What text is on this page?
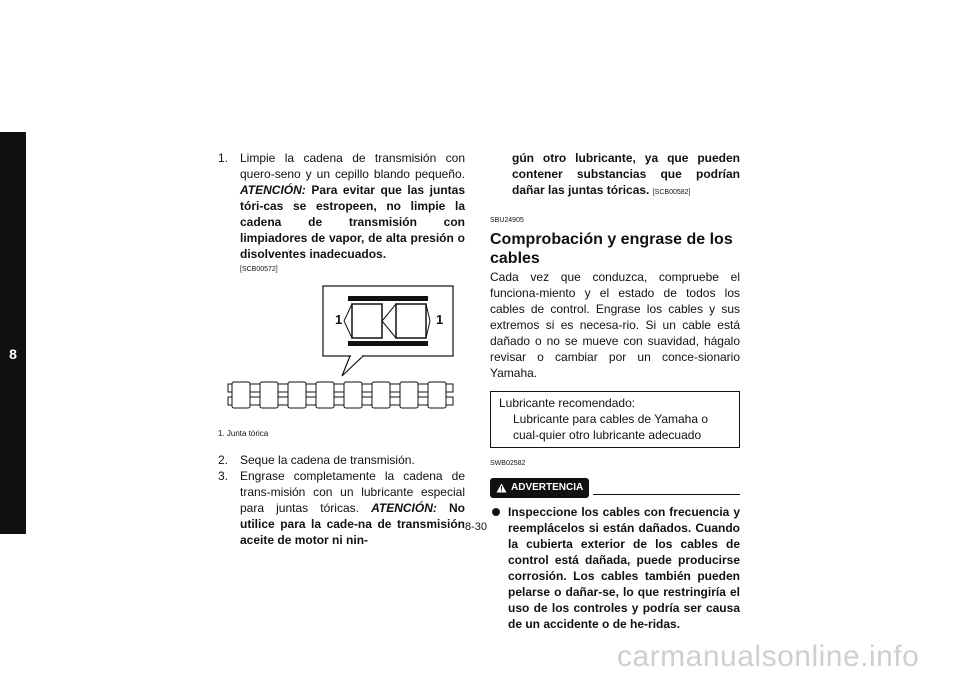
8
1. Limpie la cadena de transmisión con quero-seno y un cepillo blando pequeño. ATENCIÓN: Para evitar que las juntas tóri-cas se estropeen, no limpie la cadena de transmisión con limpiadores de vapor, de alta presión o disolventes inadecuados.
[SCB00572]
1	1
1. Junta tórica
2. Seque la cadena de transmisión.
3. Engrase completamente la cadena de trans-misión con un lubricante especial para juntas tóricas. ATENCIÓN: No utilice para la cade-na de transmisión aceite de motor ni nin-
gún otro lubricante, ya que pueden contener substancias que podrían dañar las juntas tóricas. [SCB00582]
SBU24905
Comprobación y engrase de los cables
Cada vez que conduzca, compruebe el funciona-miento y el estado de todos los cables de control. Engrase los cables y sus extremos si es necesa-rio. Si un cable está dañado o no se mueve con suavidad, hágalo revisar o cambiar por un conce-sionario Yamaha.
Lubricante recomendado:
Lubricante para cables de Yamaha o cual-quier otro lubricante adecuado
SWB02582
ADVERTENCIA
Inspeccione los cables con frecuencia y reemplácelos si están dañados. Cuando la cubierta exterior de los cables de control está dañada, puede producirse corrosión. Los cables también pueden pelarse o dañar-se, lo que restringiría el uso de los controles y podría ser causa de un accidente o de he-ridas.
8-30
carmanualsonline.info
